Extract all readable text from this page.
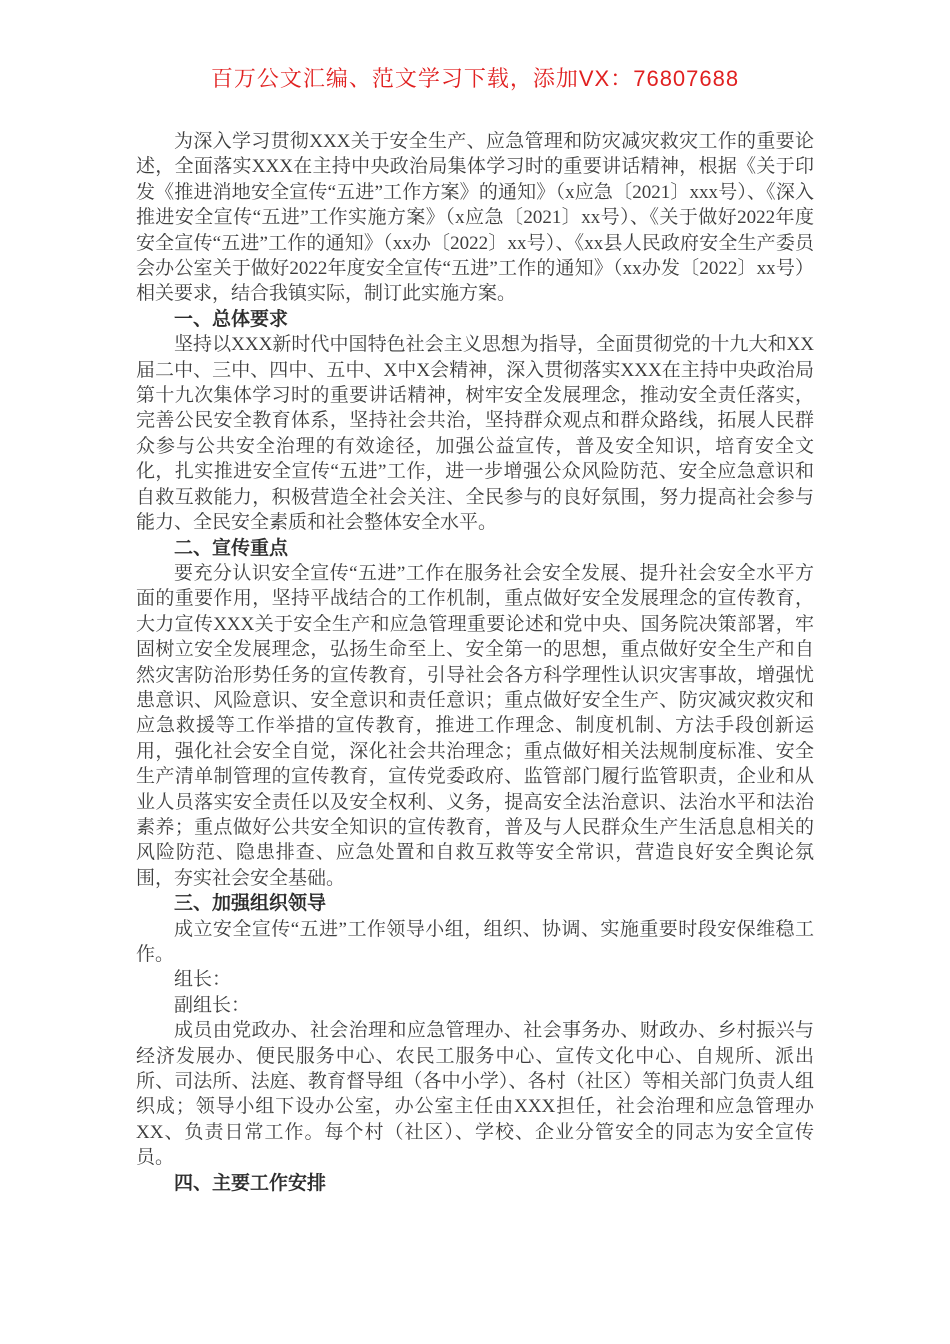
百万公文汇编、范文学习下载，添加VX：76807688

为深入学习贯彻XXX关于安全生产、应急管理和防灾减灾救灾工作的重要论述，全面落实XXX在主持中央政治局集体学习时的重要讲话精神，根据《关于印发《推进消地安全宣传“五进”工作方案》的通知》（x应急〔2021〕xxx号）、《深入推进安全宣传“五进”工作实施方案》（x应急〔2021〕xx号）、《关于做好2022年度安全宣传“五进”工作的通知》（xx办〔2022〕xx号）、《xx县人民政府安全生产委员会办公室关于做好2022年度安全宣传“五进”工作的通知》（xx办发〔2022〕xx号）相关要求，结合我镇实际，制订此实施方案。

一、总体要求

坚持以XXX新时代中国特色社会主义思想为指导，全面贯彻党的十九大和XX届二中、三中、四中、五中、X中X会精神，深入贯彻落实XXX在主持中央政治局第十九次集体学习时的重要讲话精神，树牢安全发展理念，推动安全责任落实，完善公民安全教育体系，坚持社会共治，坚持群众观点和群众路线，拓展人民群众参与公共安全治理的有效途径，加强公益宣传，普及安全知识，培育安全文化，扎实推进安全宣传“五进”工作，进一步增强公众风险防范、安全应急意识和自救互救能力，积极营造全社会关注、全民参与的良好氛围，努力提高社会参与能力、全民安全素质和社会整体安全水平。

二、宣传重点

要充分认识安全宣传“五进”工作在服务社会安全发展、提升社会安全水平方面的重要作用，坚持平战结合的工作机制，重点做好安全发展理念的宣传教育，大力宣传XXX关于安全生产和应急管理重要论述和党中央、国务院决策部署，牢固树立安全发展理念，弘扬生命至上、安全第一的思想，重点做好安全生产和自然灾害防治形势任务的宣传教育，引导社会各方科学理性认识灾害事故，增强忧患意识、风险意识、安全意识和责任意识；重点做好安全生产、防灾减灾救灾和应急救援等工作举措的宣传教育，推进工作理念、制度机制、方法手段创新运用，强化社会安全自觉，深化社会共治理念；重点做好相关法规制度标准、安全生产清单制管理的宣传教育，宣传党委政府、监管部门履行监管职责，企业和从业人员落实安全责任以及安全权利、义务，提高安全法治意识、法治水平和法治素养；重点做好公共安全知识的宣传教育，普及与人民群众生产生活息息相关的风险防范、隐患排查、应急处置和自救互救等安全常识，营造良好安全舆论氛围，夯实社会安全基础。

三、加强组织领导

成立安全宣传“五进”工作领导小组，组织、协调、实施重要时段安保维稳工作。

组长：

副组长：

成员由党政办、社会治理和应急管理办、社会事务办、财政办、乡村振兴与经济发展办、便民服务中心、农民工服务中心、宣传文化中心、自规所、派出所、司法所、法庭、教育督导组（各中小学）、各村（社区）等相关部门负责人组织成；领导小组下设办公室，办公室主任由XXX担任，社会治理和应急管理办XX、负责日常工作。每个村（社区）、学校、企业分管安全的同志为安全宣传员。

四、主要工作安排
